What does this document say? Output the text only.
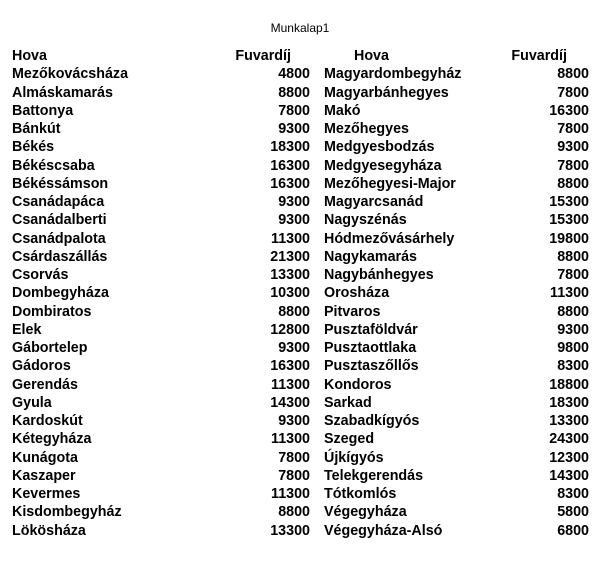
Munkalap1
Hova	Fuvardíj
Mezőkovácsháza	4800
Almáskamarás	8800
Battonya	7800
Bánkút	9300
Békés	18300
Békéscsaba	16300
Békéssámson	16300
Csanádapáca	9300
Csanádalberti	9300
Csanádpalota	11300
Csárdaszállás	21300
Csorvás	13300
Dombegyháza	10300
Dombiratos	8800
Elek	12800
Gábortelep	9300
Gádoros	16300
Gerendás	11300
Gyula	14300
Kardoskút	9300
Kétegyháza	11300
Kunágota	7800
Kaszaper	7800
Kevermes	11300
Kisdombegyház	8800
Lökösháza	13300
Hova	Fuvardíj
Magyardombegyház	8800
Magyarbánhegyes	7800
Makó	16300
Mezőhegyes	7800
Medgyesbodzás	9300
Medgyesegyháza	7800
Mezőhegyesi-Major	8800
Magyarcsanád	15300
Nagyszénás	15300
Hódmezővásárhely	19800
Nagykamarás	8800
Nagybánhegyes	7800
Orosháza	11300
Pitvaros	8800
Pusztaföldvár	9300
Pusztaottlaka	9800
Pusztaszőllős	8300
Kondoros	18800
Sarkad	18300
Szabadkígyós	13300
Szeged	24300
Újkígyós	12300
Telekgerendás	14300
Tótkomlós	8300
Végegyháza	5800
Végegyháza-Alsó	6800
